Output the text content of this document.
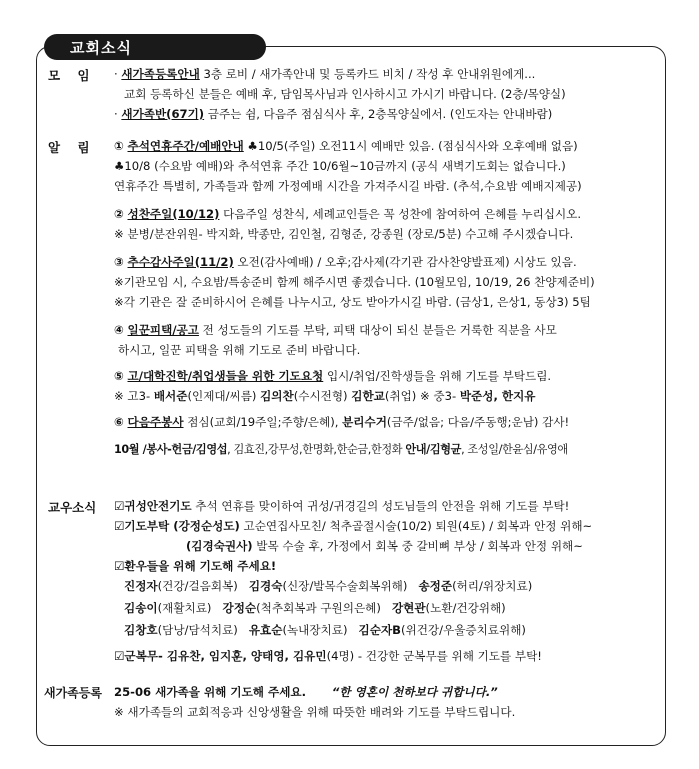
교회소식
모    임 · 새가족등록안내 3층 로비 / 새가족안내 및 등록카드 비치 / 작성 후 안내위원에게...
교회 등록하신 분들은 예배 후, 담임목사님과 인사하시고 가시기 바랍니다. (2층/목양실)
· 새가족반(67기) 금주는 쉼, 다음주 점심식사 후, 2층목양실에서. (인도자는 안내바람)
알    림 ① 추석연휴주간/예배안내 ♣10/5(주일) 오전11시 예배만 있음. (점심식사와 오후예배 없음)
♣10/8 (수요밤 예배)와 추석연휴 주간 10/6월~10금까지 (공식 새벽기도회는 없습니다.)
연휴주간 특별히, 가족들과 함께 가정예배 시간을 가져주시길 바람. (추석,수요밤 예배지제공)
② 성찬주일(10/12) 다음주일 성찬식, 세례교인들은 꼭 성찬에 참여하여 은혜를 누리십시오.
※ 분병/분잔위원- 박지화, 박종만, 김인철, 김형준, 강종원 (장로/5분) 수고해 주시겠습니다.
③ 추수감사주일(11/2) 오전(감사예배) / 오후;감사제(각기관 감사찬양발표제) 시상도 있음.
※기관모임 시, 수요밤/특송준비 함께 해주시면 좋겠습니다. (10월모임, 10/19, 26 찬양제준비)
※각 기관은 잘 준비하시어 은혜를 나누시고, 상도 받아가시길 바람. (금상1, 은상1, 동상3) 5팀
④ 일꾼피택/공고 전 성도들의 기도를 부탁, 피택 대상이 되신 분들은 거룩한 직분을 사모
하시고, 일꾼 피택을 위해 기도로 준비 바랍니다.
⑤ 고/대학진학/취업생들을 위한 기도요청 입시/취업/진학생들을 위해 기도를 부탁드림.
※ 고3- 배서준(인제대/씨름) 김의찬(수시전형) 김한교(취업) ※ 중3- 박준성, 한지유
⑥ 다음주봉사 점심(교회/19주일;주향/은혜), 분리수거(금주/없음; 다음/주동행;운남) 감사!
10월 /봉사-헌금/김영섭, 김효진,강무성,한명화,한순금,한정화 안내/김형균, 조성일/한윤심/유영애
교우소식 ☑귀성안전기도 추석 연휴를 맞이하여 귀성/귀경길의 성도님들의 안전을 위해 기도를 부탁!
☑기도부탁 (강정순성도) 고순연집사모친/ 척추골절시술(10/2) 퇴원(4토) / 회복과 안정 위해~
(김경숙권사) 발목 수술 후, 가정에서 회복 중 갈비뼈 부상 / 회복과 안정 위해~
☑환우들을 위해 기도해 주세요!
진정자(건강/걸음회복) 김경숙(신장/발목수술회복위해) 송정준(허리/위장치료)
김송이(재활치료) 강정순(척추회복과 구원의은혜) 강현관(노환/건강위해)
김창호(담낭/담석치료) 유효순(녹내장치료) 김순자B(위건강/우울증치료위해)
☑군복무- 김유찬, 임지훈, 양태영, 김유민(4명) - 건강한 군복무를 위해 기도를 부탁!
새가족등록 25-06 새가족을 위해 기도해 주세요. “한 영혼이 천하보다 귀합니다.”
※ 새가족들의 교회적응과 신앙생활을 위해 따뜻한 배려와 기도를 부탁드립니다.
